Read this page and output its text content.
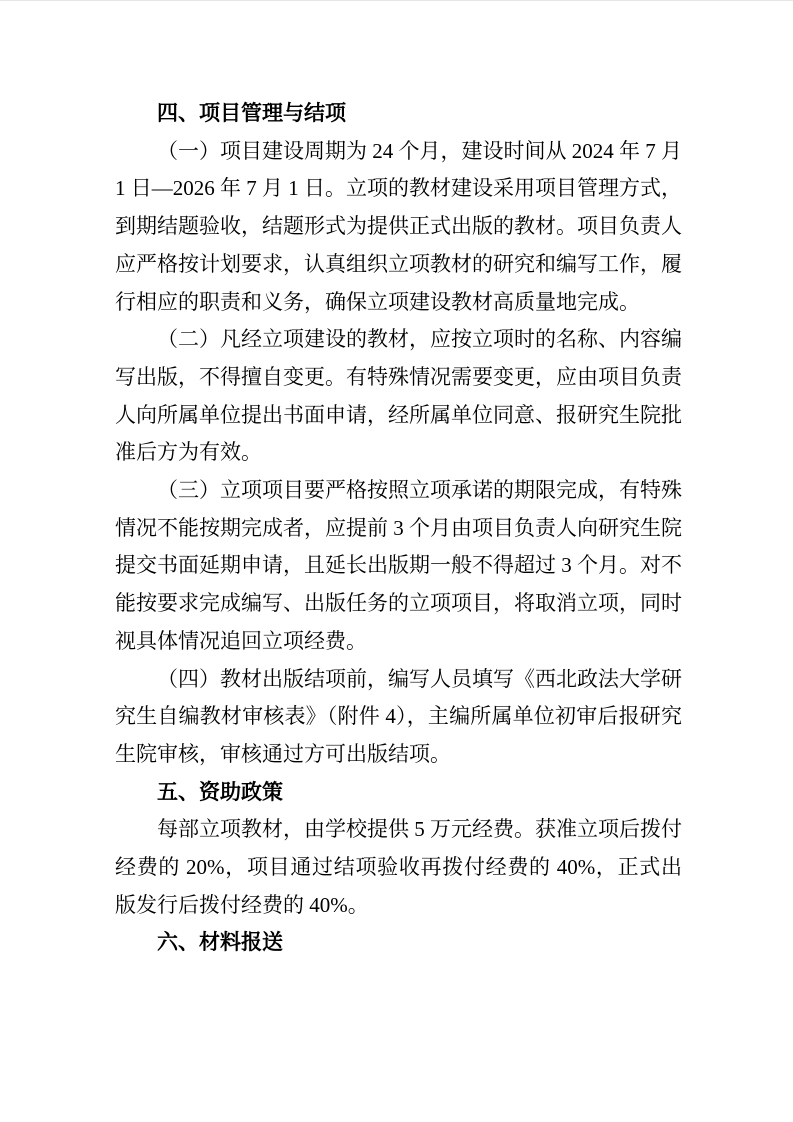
四、项目管理与结项

（一）项目建设周期为 24 个月，建设时间从 2024 年 7 月 1 日—2026 年 7 月 1 日。立项的教材建设采用项目管理方式，到期结题验收，结题形式为提供正式出版的教材。项目负责人应严格按计划要求，认真组织立项教材的研究和编写工作，履行相应的职责和义务，确保立项建设教材高质量地完成。

（二）凡经立项建设的教材，应按立项时的名称、内容编写出版，不得擅自变更。有特殊情况需要变更，应由项目负责人向所属单位提出书面申请，经所属单位同意、报研究生院批准后方为有效。

（三）立项项目要严格按照立项承诺的期限完成，有特殊情况不能按期完成者，应提前 3 个月由项目负责人向研究生院提交书面延期申请，且延长出版期一般不得超过 3 个月。对不能按要求完成编写、出版任务的立项项目，将取消立项，同时视具体情况追回立项经费。

（四）教材出版结项前，编写人员填写《西北政法大学研究生自编教材审核表》（附件 4），主编所属单位初审后报研究生院审核，审核通过方可出版结项。

五、资助政策

每部立项教材，由学校提供 5 万元经费。获准立项后拨付经费的 20%，项目通过结项验收再拨付经费的 40%，正式出版发行后拨付经费的 40%。

六、材料报送
